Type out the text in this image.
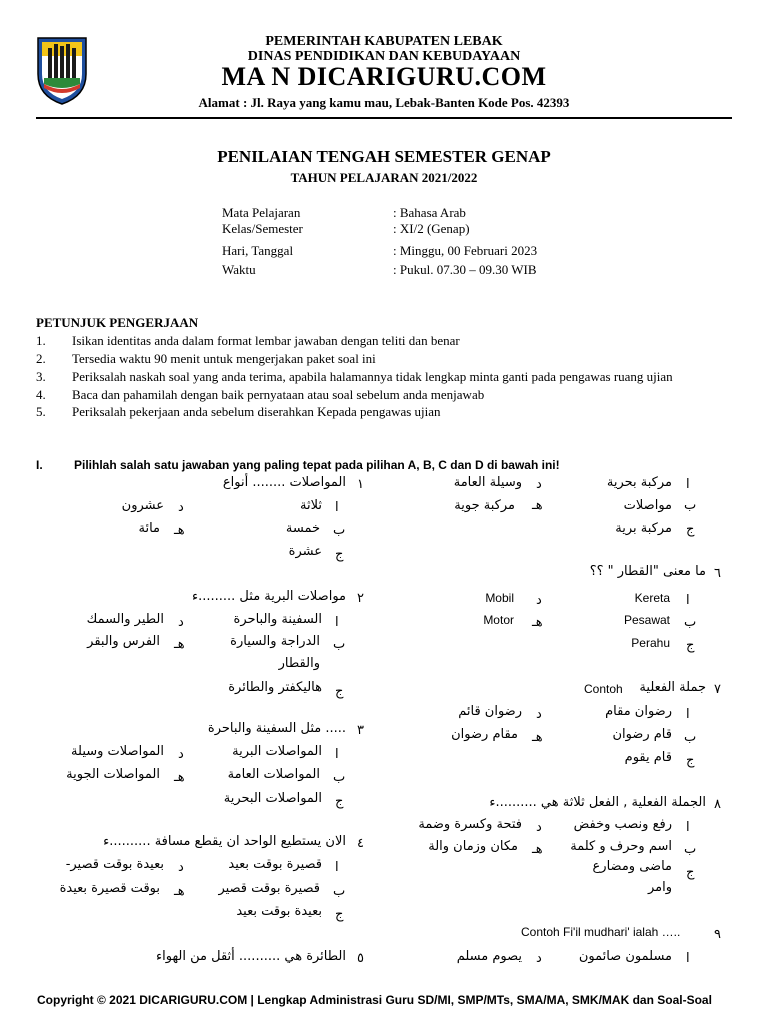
PEMERINTAH KABUPATEN LEBAK
DINAS PENDIDIKAN DAN KEBUDAYAAN
MA N DICARIGURU.COM
Alamat : Jl. Raya yang kamu mau, Lebak-Banten Kode Pos. 42393
PENILAIAN TENGAH SEMESTER GENAP
TAHUN PELAJARAN 2021/2022
Mata Pelajaran	: Bahasa Arab
Kelas/Semester	: XI/2 (Genap)
Hari, Tanggal	: Minggu, 00 Februari 2023
Waktu	: Pukul. 07.30 – 09.30 WIB
PETUNJUK PENGERJAAN
1. Isikan identitas anda dalam format lembar jawaban dengan teliti dan benar
2. Tersedia waktu 90 menit untuk mengerjakan paket soal ini
3. Periksalah naskah soal yang anda terima, apabila halamannya tidak lengkap minta ganti pada pengawas ruang ujian
4. Baca dan pahamilah dengan baik pernyataan atau soal sebelum anda menjawab
5. Periksalah pekerjaan anda sebelum diserahkan Kepada pengawas ujian
I.	Pilihlah salah satu jawaban yang paling tepat pada pilihan A, B, C dan D di bawah ini!
ا
مركبة بحرية
د
وسيلة العامة
ب
مواصلات
هـ
مركبة جوية
ج
مركبة برية
٦
ما معنى "القطار " ؟؟
ا
Kereta
د
Mobil
ب
Pesawat
هـ
Motor
ج
Perahu
٧
جملة الفعلية
Contoh
ا
رضوان مقام
د
رضوان قائم
ب
قام رضوان
هـ
مقام رضوان
ج
قام يقوم
٨
الجملة الفعلية , الفعل ثلاثة هي ..........ء
ا
رفع ونصب وخفض
د
فتحة وكسرة وضمة
ب
اسم وحرف و كلمة
هـ
مكان وزمان والة
ج
ماضى ومضارع
وامر
٩
Contoh Fi'il mudhari' ialah …..
ا
مسلمون صائمون
د
يصوم مسلم
١
المواصلات ........ أنواع
ا
ثلاثة
د
عشرون
ب
خمسة
هـ
مائة
ج
عشرة
٢
مواصلات البرية مثل .........ء
ا
السفينة والباحرة
د
الطير والسمك
ب
الدراجة والسيارة
والقطار
هـ
الفرس والبقر
ج
هاليكفتر والطائرة
٣
..... مثل السفينة والباحرة
ا
المواصلات البرية
د
المواصلات وسيلة
ب
المواصلات العامة
هـ
المواصلات الجوية
ج
المواصلات البحرية
٤
الان يستطيع الواحد ان يقطع مسافة ..........ء
ا
قصيرة بوقت بعيد
د
بعيدة بوقت قصير-
ب
قصيرة بوقت قصير
هـ
بوقت قصيرة بعيدة
ج
بعيدة بوقت بعيد
٥
الطائرة هي .......... أثقل من الهواء
Copyright © 2021 DICARIGURU.COM | Lengkap Administrasi Guru SD/MI, SMP/MTs, SMA/MA, SMK/MAK dan Soal-Soal
